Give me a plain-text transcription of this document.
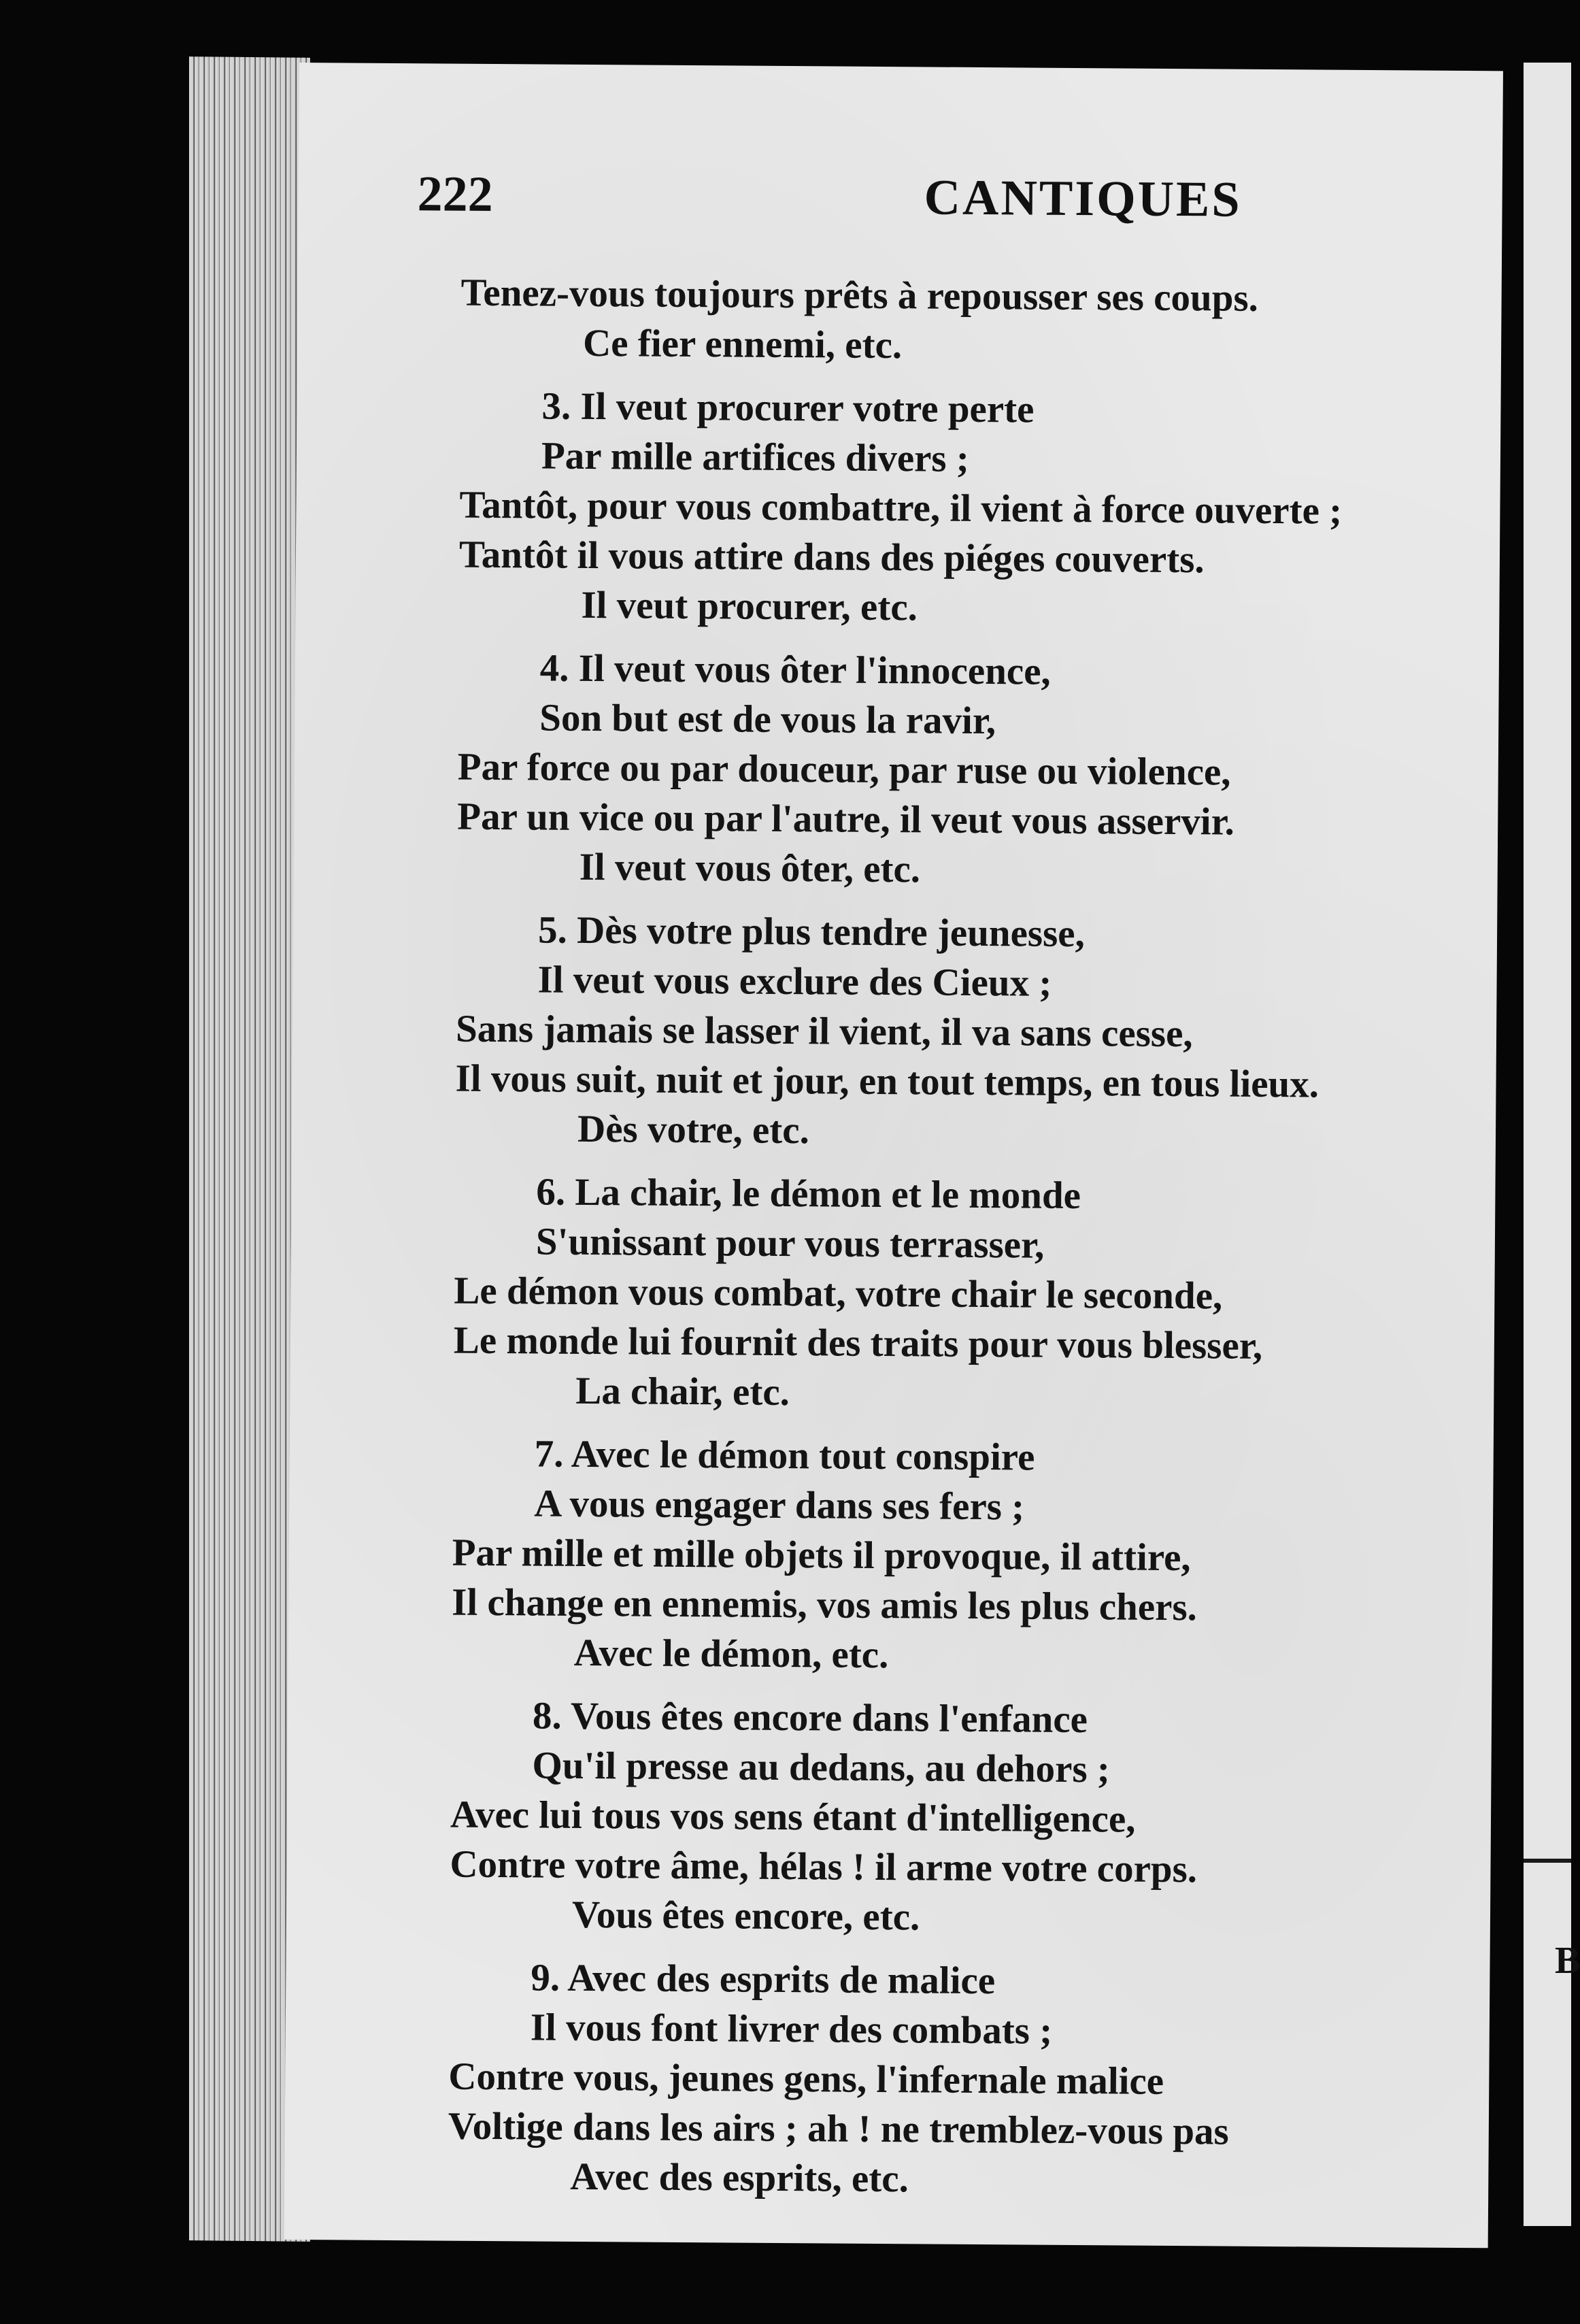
B
222	CANTIQUES
Tenez-vous toujours prêts à repousser ses coups.
Ce fier ennemi, etc.
3. Il veut procurer votre perte
Par mille artifices divers ;
Tantôt, pour vous combattre, il vient à force ouverte ;
Tantôt il vous attire dans des piéges couverts.
Il veut procurer, etc.
4. Il veut vous ôter l'innocence,
Son but est de vous la ravir,
Par force ou par douceur, par ruse ou violence,
Par un vice ou par l'autre, il veut vous asservir.
Il veut vous ôter, etc.
5. Dès votre plus tendre jeunesse,
Il veut vous exclure des Cieux ;
Sans jamais se lasser il vient, il va sans cesse,
Il vous suit, nuit et jour, en tout temps, en tous lieux.
Dès votre, etc.
6. La chair, le démon et le monde
S'unissant pour vous terrasser,
Le démon vous combat, votre chair le seconde,
Le monde lui fournit des traits pour vous blesser,
La chair, etc.
7. Avec le démon tout conspire
A vous engager dans ses fers ;
Par mille et mille objets il provoque, il attire,
Il change en ennemis, vos amis les plus chers.
Avec le démon, etc.
8. Vous êtes encore dans l'enfance
Qu'il presse au dedans, au dehors ;
Avec lui tous vos sens étant d'intelligence,
Contre votre âme, hélas ! il arme votre corps.
Vous êtes encore, etc.
9. Avec des esprits de malice
Il vous font livrer des combats ;
Contre vous, jeunes gens, l'infernale malice
Voltige dans les airs ; ah ! ne tremblez-vous pas
Avec des esprits, etc.
